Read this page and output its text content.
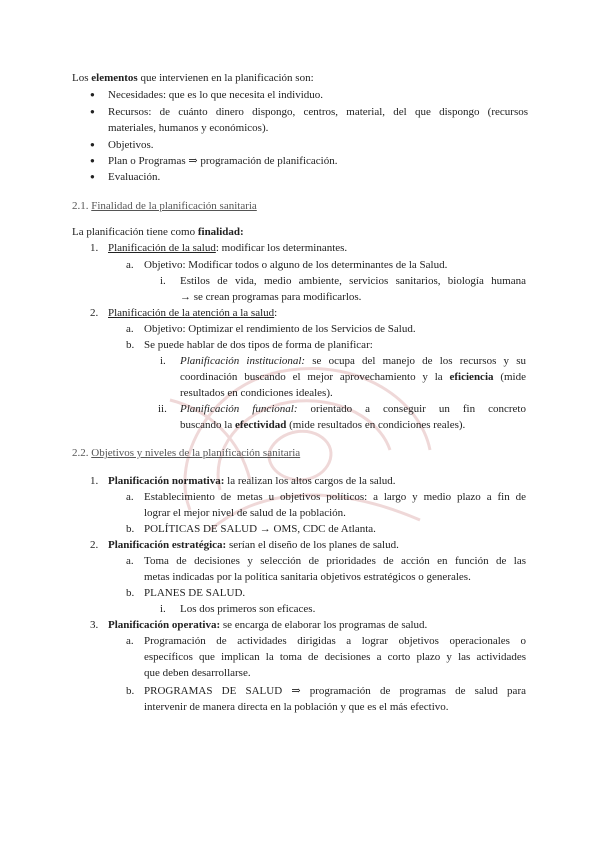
Los elementos que intervienen en la planificación son:
● Necesidades: que es lo que necesita el individuo.
● Recursos: de cuánto dinero dispongo, centros, material, del que dispongo (recursos
materiales, humanos y económicos).
● Objetivos.
● Plan o Programas ⇒ programación de planificación.
● Evaluación.
2.1. Finalidad de la planificación sanitaria
La planificación tiene como finalidad:
1. Planificación de la salud: modificar los determinantes.
a. Objetivo: Modificar todos o alguno de los determinantes de la Salud.
i. Estilos de vida, medio ambiente, servicios sanitarios, biología humana
→ se crean programas para modificarlos.
2. Planificación de la atención a la salud:
a. Objetivo: Optimizar el rendimiento de los Servicios de Salud.
b. Se puede hablar de dos tipos de forma de planificar:
i. Planificación institucional: se ocupa del manejo de los recursos y su
coordinación buscando el mejor aprovechamiento y la eficiencia (mide
resultados en condiciones ideales).
ii. Planificación funcional: orientado a conseguir un fin concreto
buscando la efectividad (mide resultados en condiciones reales).
2.2. Objetivos y niveles de la planificación sanitaria
1. Planificación normativa: la realizan los altos cargos de la salud.
a. Establecimiento de metas u objetivos políticos: a largo y medio plazo a fin de
lograr el mejor nivel de salud de la población.
b. POLÍTICAS DE SALUD → OMS, CDC de Atlanta.
2. Planificación estratégica: serían el diseño de los planes de salud.
a. Toma de decisiones y selección de prioridades de acción en función de las
metas indicadas por la política sanitaria objetivos estratégicos o generales.
b. PLANES DE SALUD.
i. Los dos primeros son eficaces.
3. Planificación operativa: se encarga de elaborar los programas de salud.
a. Programación de actividades dirigidas a lograr objetivos operacionales o
específicos que implican la toma de decisiones a corto plazo y las actividades
que deben desarrollarse.
b. PROGRAMAS DE SALUD ⇒ programación de programas de salud para
intervenir de manera directa en la población y que es el más efectivo.
